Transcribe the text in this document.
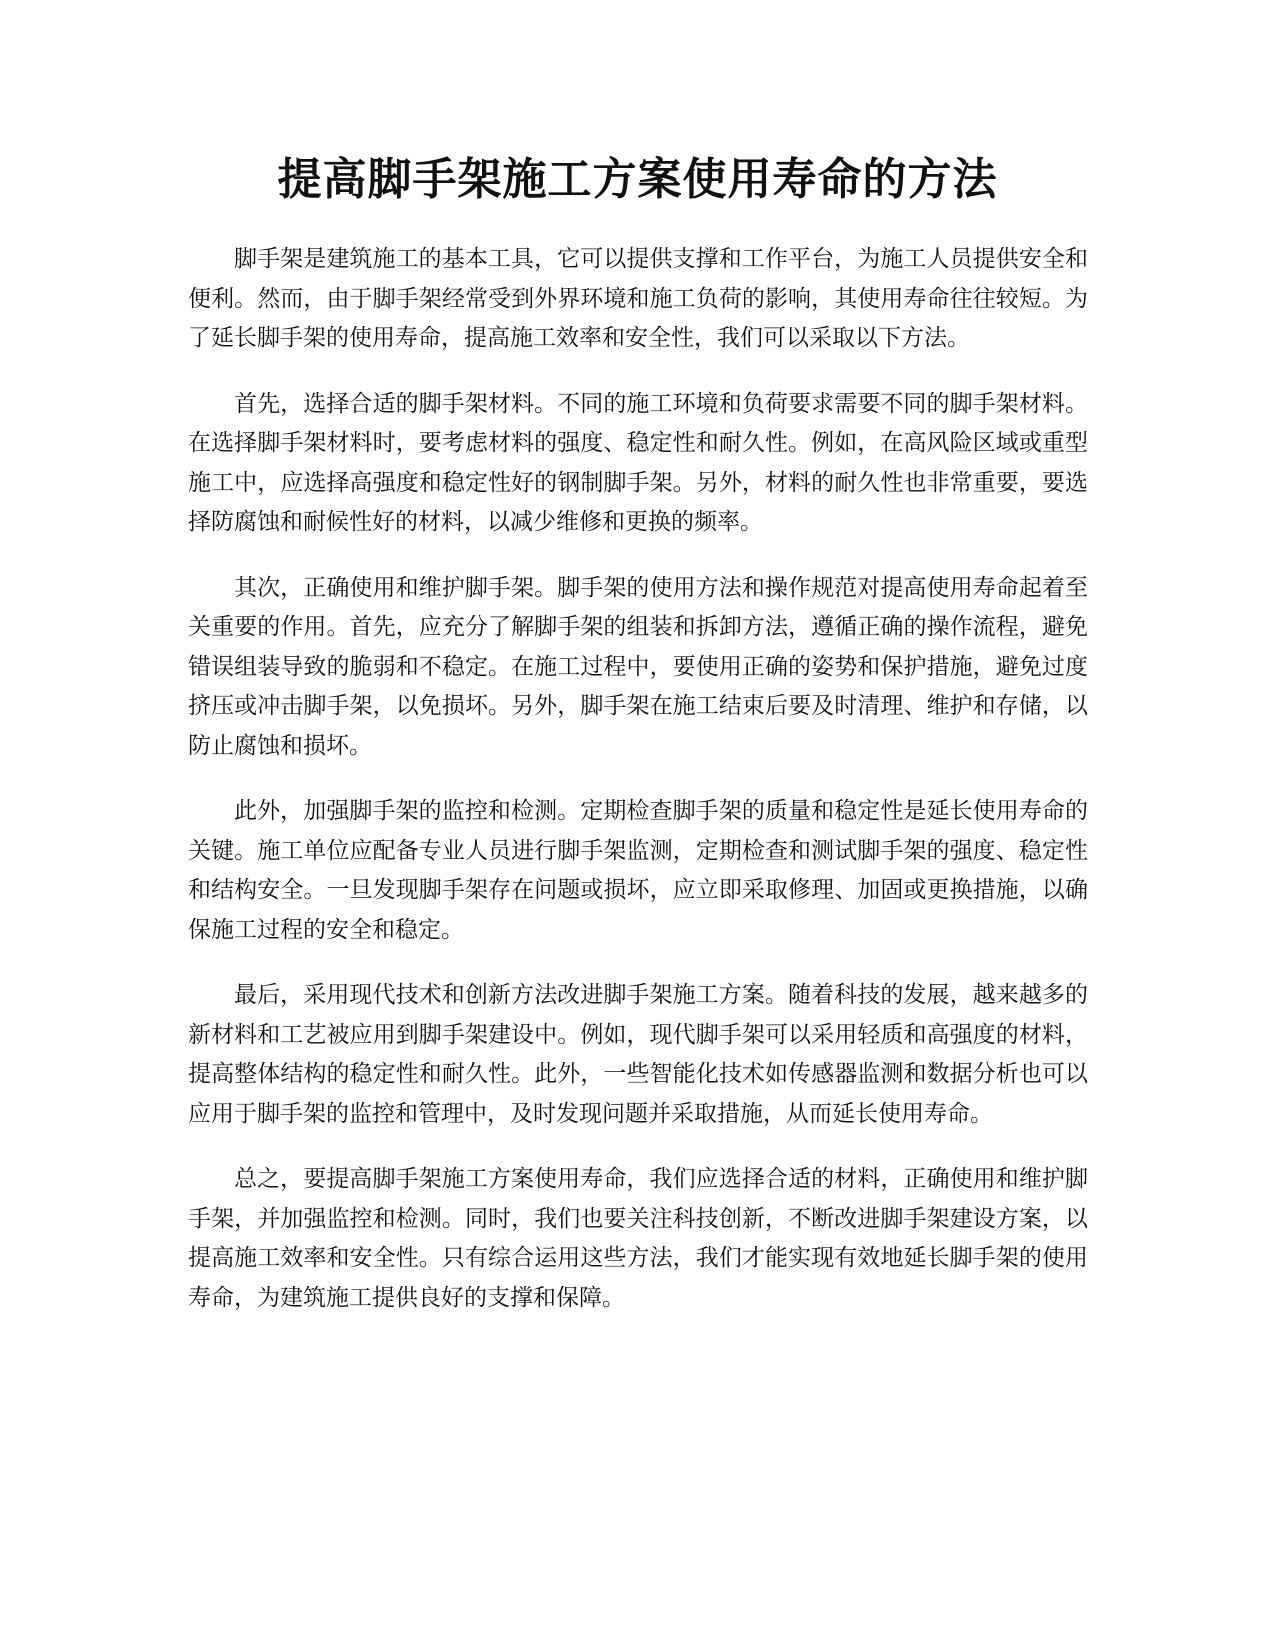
提高脚手架施工方案使用寿命的方法

脚手架是建筑施工的基本工具，它可以提供支撑和工作平台，为施工人员提供安全和便利。然而，由于脚手架经常受到外界环境和施工负荷的影响，其使用寿命往往较短。为了延长脚手架的使用寿命，提高施工效率和安全性，我们可以采取以下方法。

首先，选择合适的脚手架材料。不同的施工环境和负荷要求需要不同的脚手架材料。在选择脚手架材料时，要考虑材料的强度、稳定性和耐久性。例如，在高风险区域或重型施工中，应选择高强度和稳定性好的钢制脚手架。另外，材料的耐久性也非常重要，要选择防腐蚀和耐候性好的材料，以减少维修和更换的频率。

其次，正确使用和维护脚手架。脚手架的使用方法和操作规范对提高使用寿命起着至关重要的作用。首先，应充分了解脚手架的组装和拆卸方法，遵循正确的操作流程，避免错误组装导致的脆弱和不稳定。在施工过程中，要使用正确的姿势和保护措施，避免过度挤压或冲击脚手架，以免损坏。另外，脚手架在施工结束后要及时清理、维护和存储，以防止腐蚀和损坏。

此外，加强脚手架的监控和检测。定期检查脚手架的质量和稳定性是延长使用寿命的关键。施工单位应配备专业人员进行脚手架监测，定期检查和测试脚手架的强度、稳定性和结构安全。一旦发现脚手架存在问题或损坏，应立即采取修理、加固或更换措施，以确保施工过程的安全和稳定。

最后，采用现代技术和创新方法改进脚手架施工方案。随着科技的发展，越来越多的新材料和工艺被应用到脚手架建设中。例如，现代脚手架可以采用轻质和高强度的材料，提高整体结构的稳定性和耐久性。此外，一些智能化技术如传感器监测和数据分析也可以应用于脚手架的监控和管理中，及时发现问题并采取措施，从而延长使用寿命。

总之，要提高脚手架施工方案使用寿命，我们应选择合适的材料，正确使用和维护脚手架，并加强监控和检测。同时，我们也要关注科技创新，不断改进脚手架建设方案，以提高施工效率和安全性。只有综合运用这些方法，我们才能实现有效地延长脚手架的使用寿命，为建筑施工提供良好的支撑和保障。
